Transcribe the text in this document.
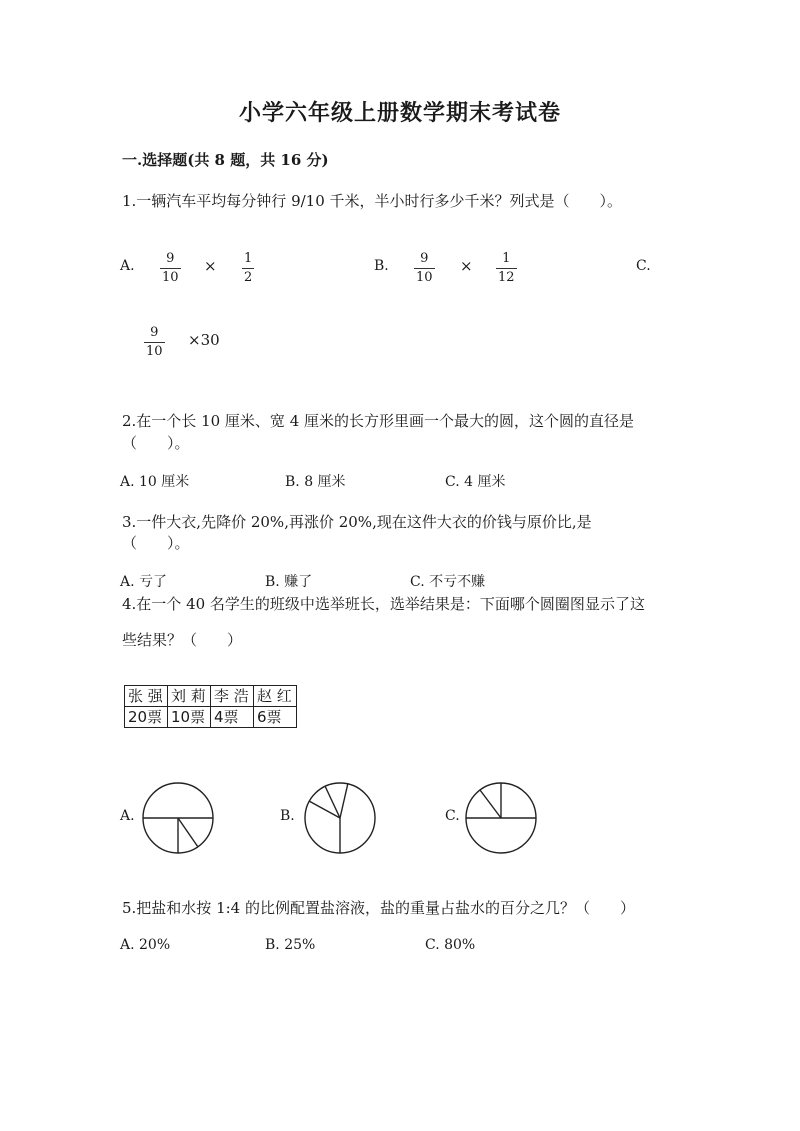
小学六年级上册数学期末考试卷
一.选择题(共 8 题，共 16 分)
1.一辆汽车平均每分钟行 9/10 千米，半小时行多少千米？列式是（　　）。
A. 9
10
× 1
2
B. 9
10
× 1
12
C.
9
10
×30
2.在一个长 10 厘米、宽 4 厘米的长方形里画一个最大的圆，这个圆的直径是
（　　）。
A. 10 厘米	B. 8 厘米	C. 4 厘米
3.一件大衣,先降价 20%,再涨价 20%,现在这件大衣的价钱与原价比,是
（　　）。
A. 亏了	B. 赚了	C. 不亏不赚
4.在一个 40 名学生的班级中选举班长，选举结果是：下面哪个圆圈图显示了这
些结果？（　　）
张 强	刘 莉	李 浩	赵 红
20票	10票	4票	6票
A.	B.	C.
5.把盐和水按 1:4 的比例配置盐溶液，盐的重量占盐水的百分之几？（　　）
A. 20%	B. 25%	C. 80%
